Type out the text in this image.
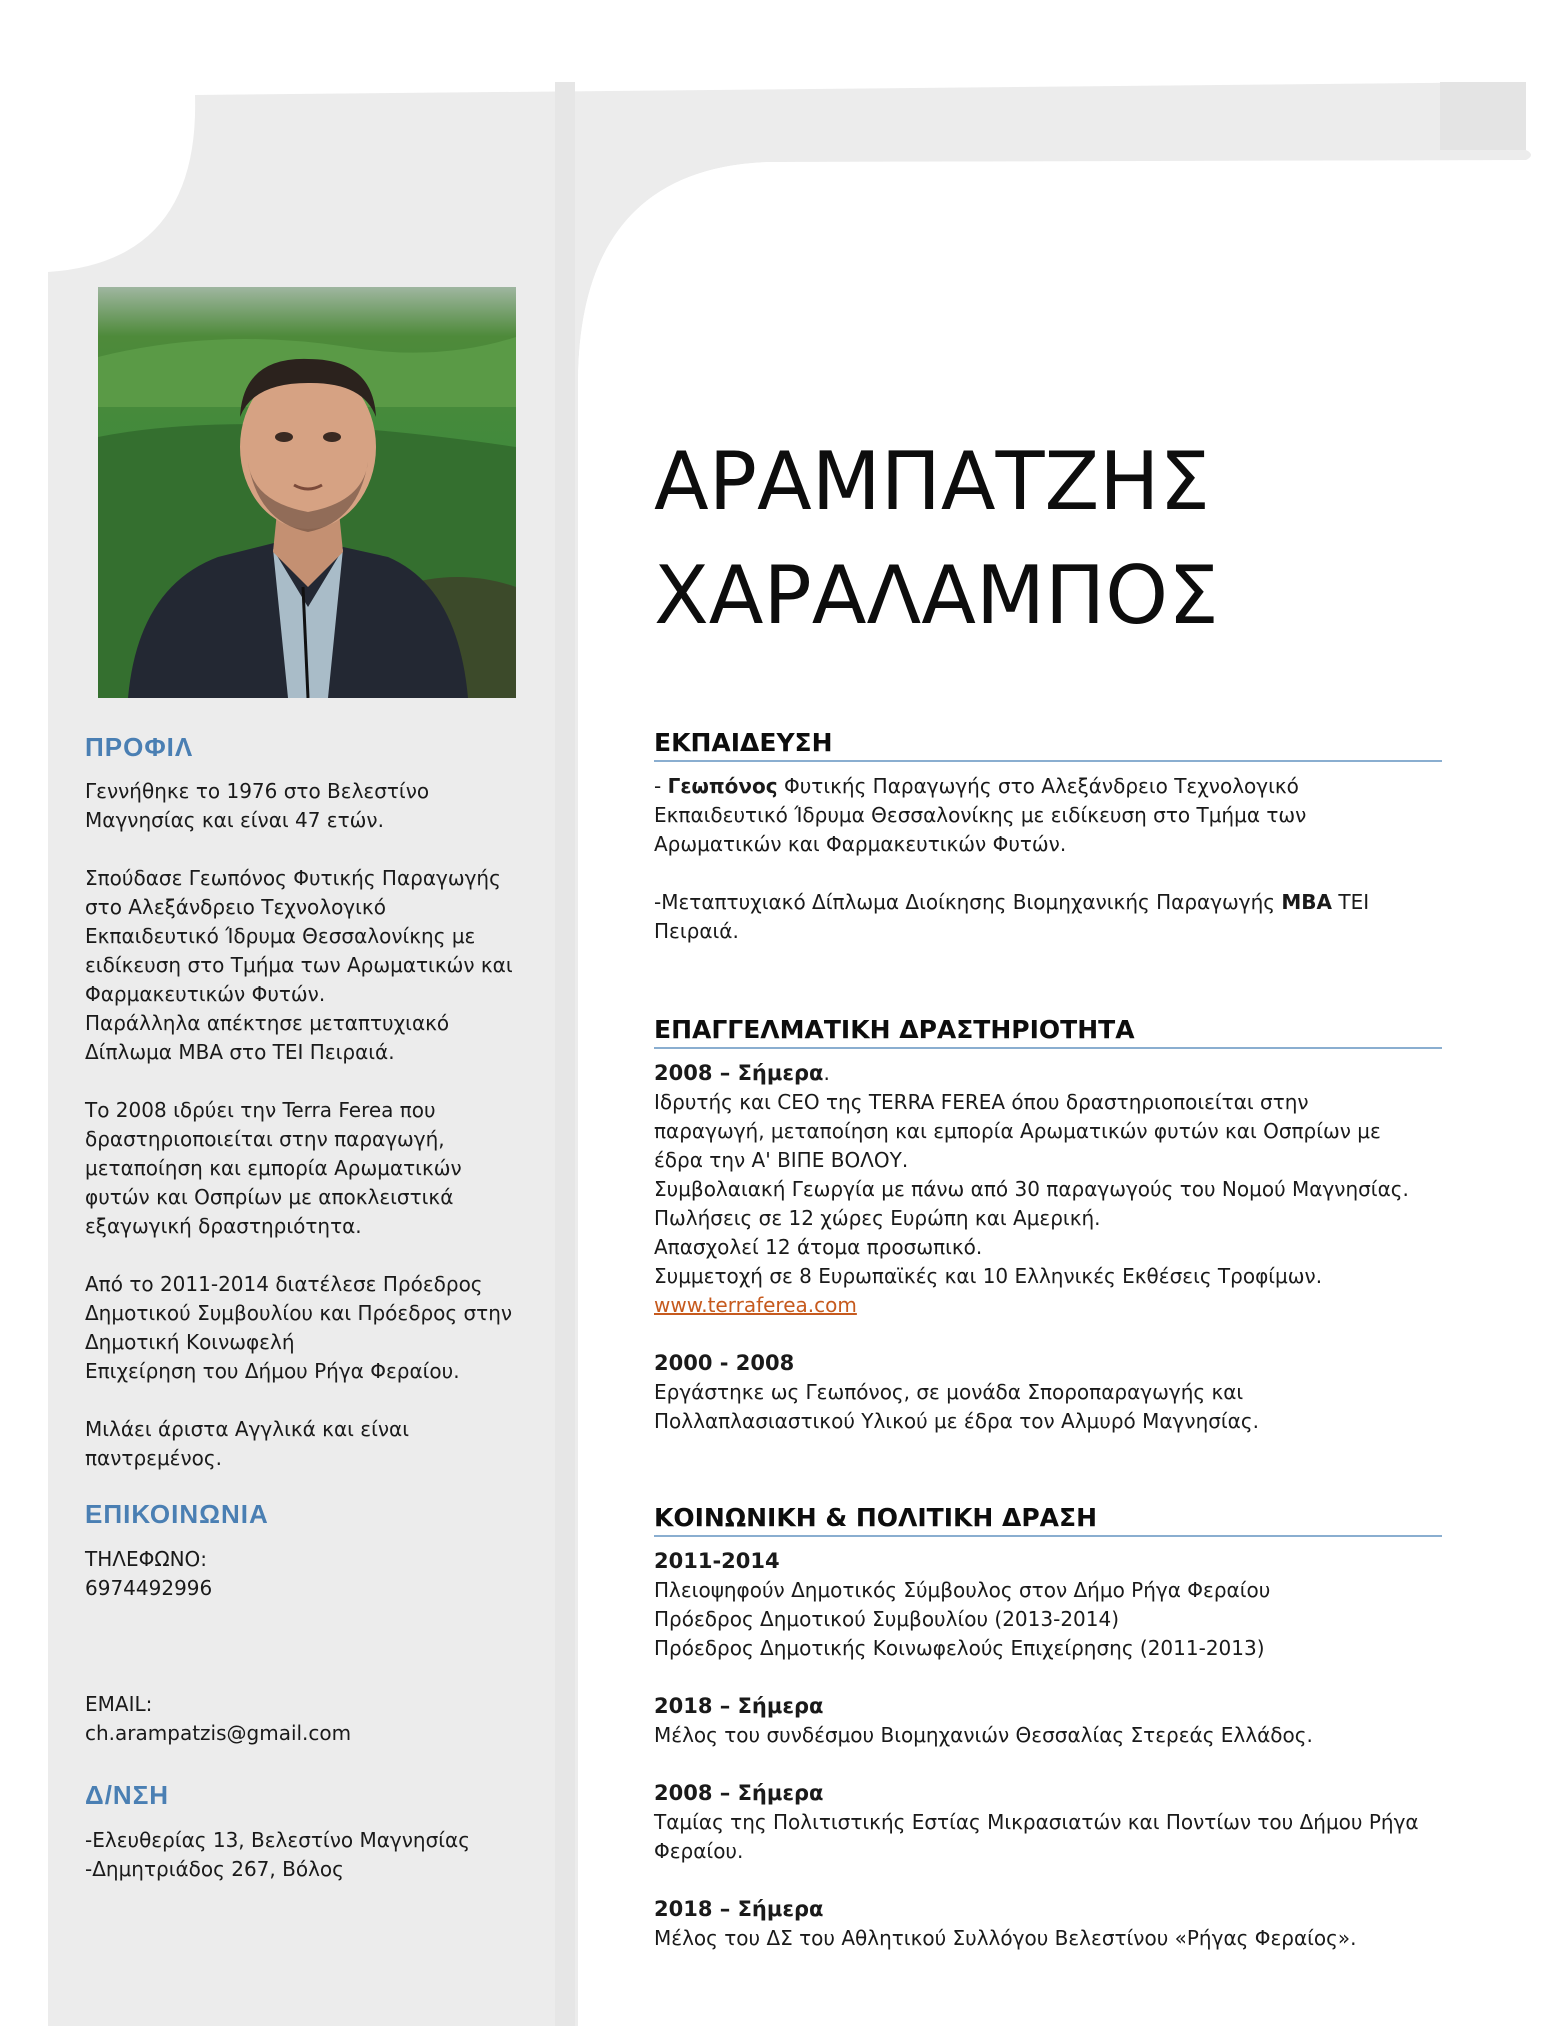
ΠΡΟΦΙΛ

Γεννήθηκε το 1976 στο Βελεστίνο
Μαγνησίας και είναι 47 ετών.

Σπούδασε Γεωπόνος Φυτικής Παραγωγής
στο Αλεξάνδρειο Τεχνολογικό
Εκπαιδευτικό Ίδρυμα Θεσσαλονίκης με
ειδίκευση στο Τμήμα των Αρωματικών και
Φαρμακευτικών Φυτών.
Παράλληλα απέκτησε μεταπτυχιακό
Δίπλωμα MBA στο ΤΕΙ Πειραιά.

Το 2008 ιδρύει την Terra Ferea που
δραστηριοποιείται στην παραγωγή,
μεταποίηση και εμπορία Αρωματικών
φυτών και Οσπρίων με αποκλειστικά
εξαγωγική δραστηριότητα.

Από το 2011-2014 διατέλεσε Πρόεδρος
Δημοτικού Συμβουλίου και Πρόεδρος στην
Δημοτική Κοινωφελή
Επιχείρηση του Δήμου Ρήγα Φεραίου.

Μιλάει άριστα Αγγλικά και είναι
παντρεμένος.

ΕΠΙΚΟΙΝΩΝΙΑ
ΤΗΛΕΦΩΝΟ:
6974492996
EMAIL:
ch.arampatzis@gmail.com
Δ/ΝΣΗ
-Ελευθερίας 13, Βελεστίνο Μαγνησίας
-Δημητριάδος 267, Βόλος
ΑΡΑΜΠΑΤΖΗΣ
ΧΑΡΑΛΑΜΠΟΣ
ΕΚΠΑΙΔΕΥΣΗ

- Γεωπόνος Φυτικής Παραγωγής στο Αλεξάνδρειο Τεχνολογικό

Εκπαιδευτικό Ίδρυμα Θεσσαλονίκης με ειδίκευση στο Τμήμα των

Αρωματικών και Φαρμακευτικών Φυτών.

-Μεταπτυχιακό Δίπλωμα Διοίκησης Βιομηχανικής Παραγωγής MBA ΤΕΙ

Πειραιά.

ΕΠΑΓΓΕΛΜΑΤΙΚΗ ΔΡΑΣΤΗΡΙΟΤΗΤΑ

2008 – Σήμερα.

Ιδρυτής και CEO της TERRA FEREA όπου δραστηριοποιείται στην

παραγωγή, μεταποίηση και εμπορία Αρωματικών φυτών και Οσπρίων με

έδρα την Α' ΒΙΠΕ ΒΟΛΟΥ.

Συμβολαιακή Γεωργία με πάνω από 30 παραγωγούς του Νομού Μαγνησίας.

Πωλήσεις σε 12 χώρες Ευρώπη και Αμερική.

Απασχολεί 12 άτομα προσωπικό.

Συμμετοχή σε 8 Ευρωπαϊκές και 10 Ελληνικές Εκθέσεις Τροφίμων.

www.terraferea.com

2000 - 2008

Εργάστηκε ως Γεωπόνος, σε μονάδα Σποροπαραγωγής και

Πολλαπλασιαστικού Υλικού με έδρα τον Αλμυρό Μαγνησίας.

ΚΟΙΝΩΝΙΚΗ & ΠΟΛΙΤΙΚΗ ΔΡΑΣΗ

2011-2014

Πλειοψηφούν Δημοτικός Σύμβουλος στον Δήμο Ρήγα Φεραίου

Πρόεδρος Δημοτικού Συμβουλίου (2013-2014)

Πρόεδρος Δημοτικής Κοινωφελούς Επιχείρησης (2011-2013)

2018 – Σήμερα

Μέλος του συνδέσμου Βιομηχανιών Θεσσαλίας Στερεάς Ελλάδος.

2008 – Σήμερα

Ταμίας της Πολιτιστικής Εστίας Μικρασιατών και Ποντίων του Δήμου Ρήγα

Φεραίου.

2018 – Σήμερα

Μέλος του ΔΣ του Αθλητικού Συλλόγου Βελεστίνου «Ρήγας Φεραίος».
